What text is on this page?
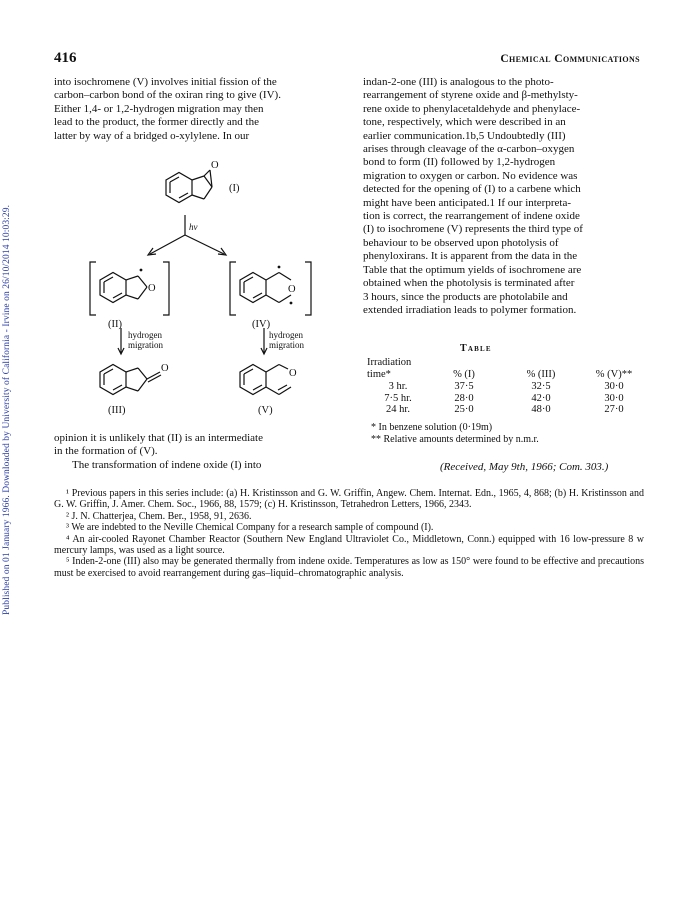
Published on 01 January 1966. Downloaded by University of California - Irvine on 26/10/2014 10:03:29.
416	Chemical Communications
into isochromene (V) involves initial fission of the
carbon–carbon bond of the oxiran ring to give (IV).
Either 1,4- or 1,2-hydrogen migration may then
lead to the product, the former directly and the
latter by way of a bridged o-xylylene. In our
O
(I)
hν
O	O
(II)	(IV)
hydrogen
migration
hydrogen
migration
O	O
(III)	(V)
opinion it is unlikely that (II) is an intermediate
in the formation of (V).
The transformation of indene oxide (I) into
indan-2-one (III) is analogous to the photo-
rearrangement of styrene oxide and β-methylsty-
rene oxide to phenylacetaldehyde and phenylace-
tone, respectively, which were described in an
earlier communication.1b,5 Undoubtedly (III)
arises through cleavage of the α-carbon–oxygen
bond to form (II) followed by 1,2-hydrogen
migration to oxygen or carbon. No evidence was
detected for the opening of (I) to a carbene which
might have been anticipated.1 If our interpreta-
tion is correct, the rearrangement of indene oxide
(I) to isochromene (V) represents the third type of
behaviour to be observed upon photolysis of
phenyloxirans. It is apparent from the data in the
Table that the optimum yields of isochromene are
obtained when the photolysis is terminated after
3 hours, since the products are photolabile and
extended irradiation leads to polymer formation.
Table
Irradiation time*	% (I)	% (III)	% (V)**
3 hr.	37·5	32·5	30·0
7·5 hr.	28·0	42·0	30·0
24 hr.	25·0	48·0	27·0
* In benzene solution (0·19m)
** Relative amounts determined by n.m.r.
(Received, May 9th, 1966; Com. 303.)

¹ Previous papers in this series include: (a) H. Kristinsson and G. W. Griffin, Angew. Chem. Internat. Edn., 1965, 4, 868; (b) H. Kristinsson and G. W. Griffin, J. Amer. Chem. Soc., 1966, 88, 1579; (c) H. Kristinsson, Tetrahedron Letters, 1966, 2343.

² J. N. Chatterjea, Chem. Ber., 1958, 91, 2636.

³ We are indebted to the Neville Chemical Company for a research sample of compound (I).

⁴ An air-cooled Rayonet Chamber Reactor (Southern New England Ultraviolet Co., Middletown, Conn.) equipped with 16 low-pressure 8 w mercury lamps, was used as a light source.

⁵ Inden-2-one (III) also may be generated thermally from indene oxide. Temperatures as low as 150° were found to be effective and precautions must be exercised to avoid rearrangement during gas–liquid–chromatographic analysis.
